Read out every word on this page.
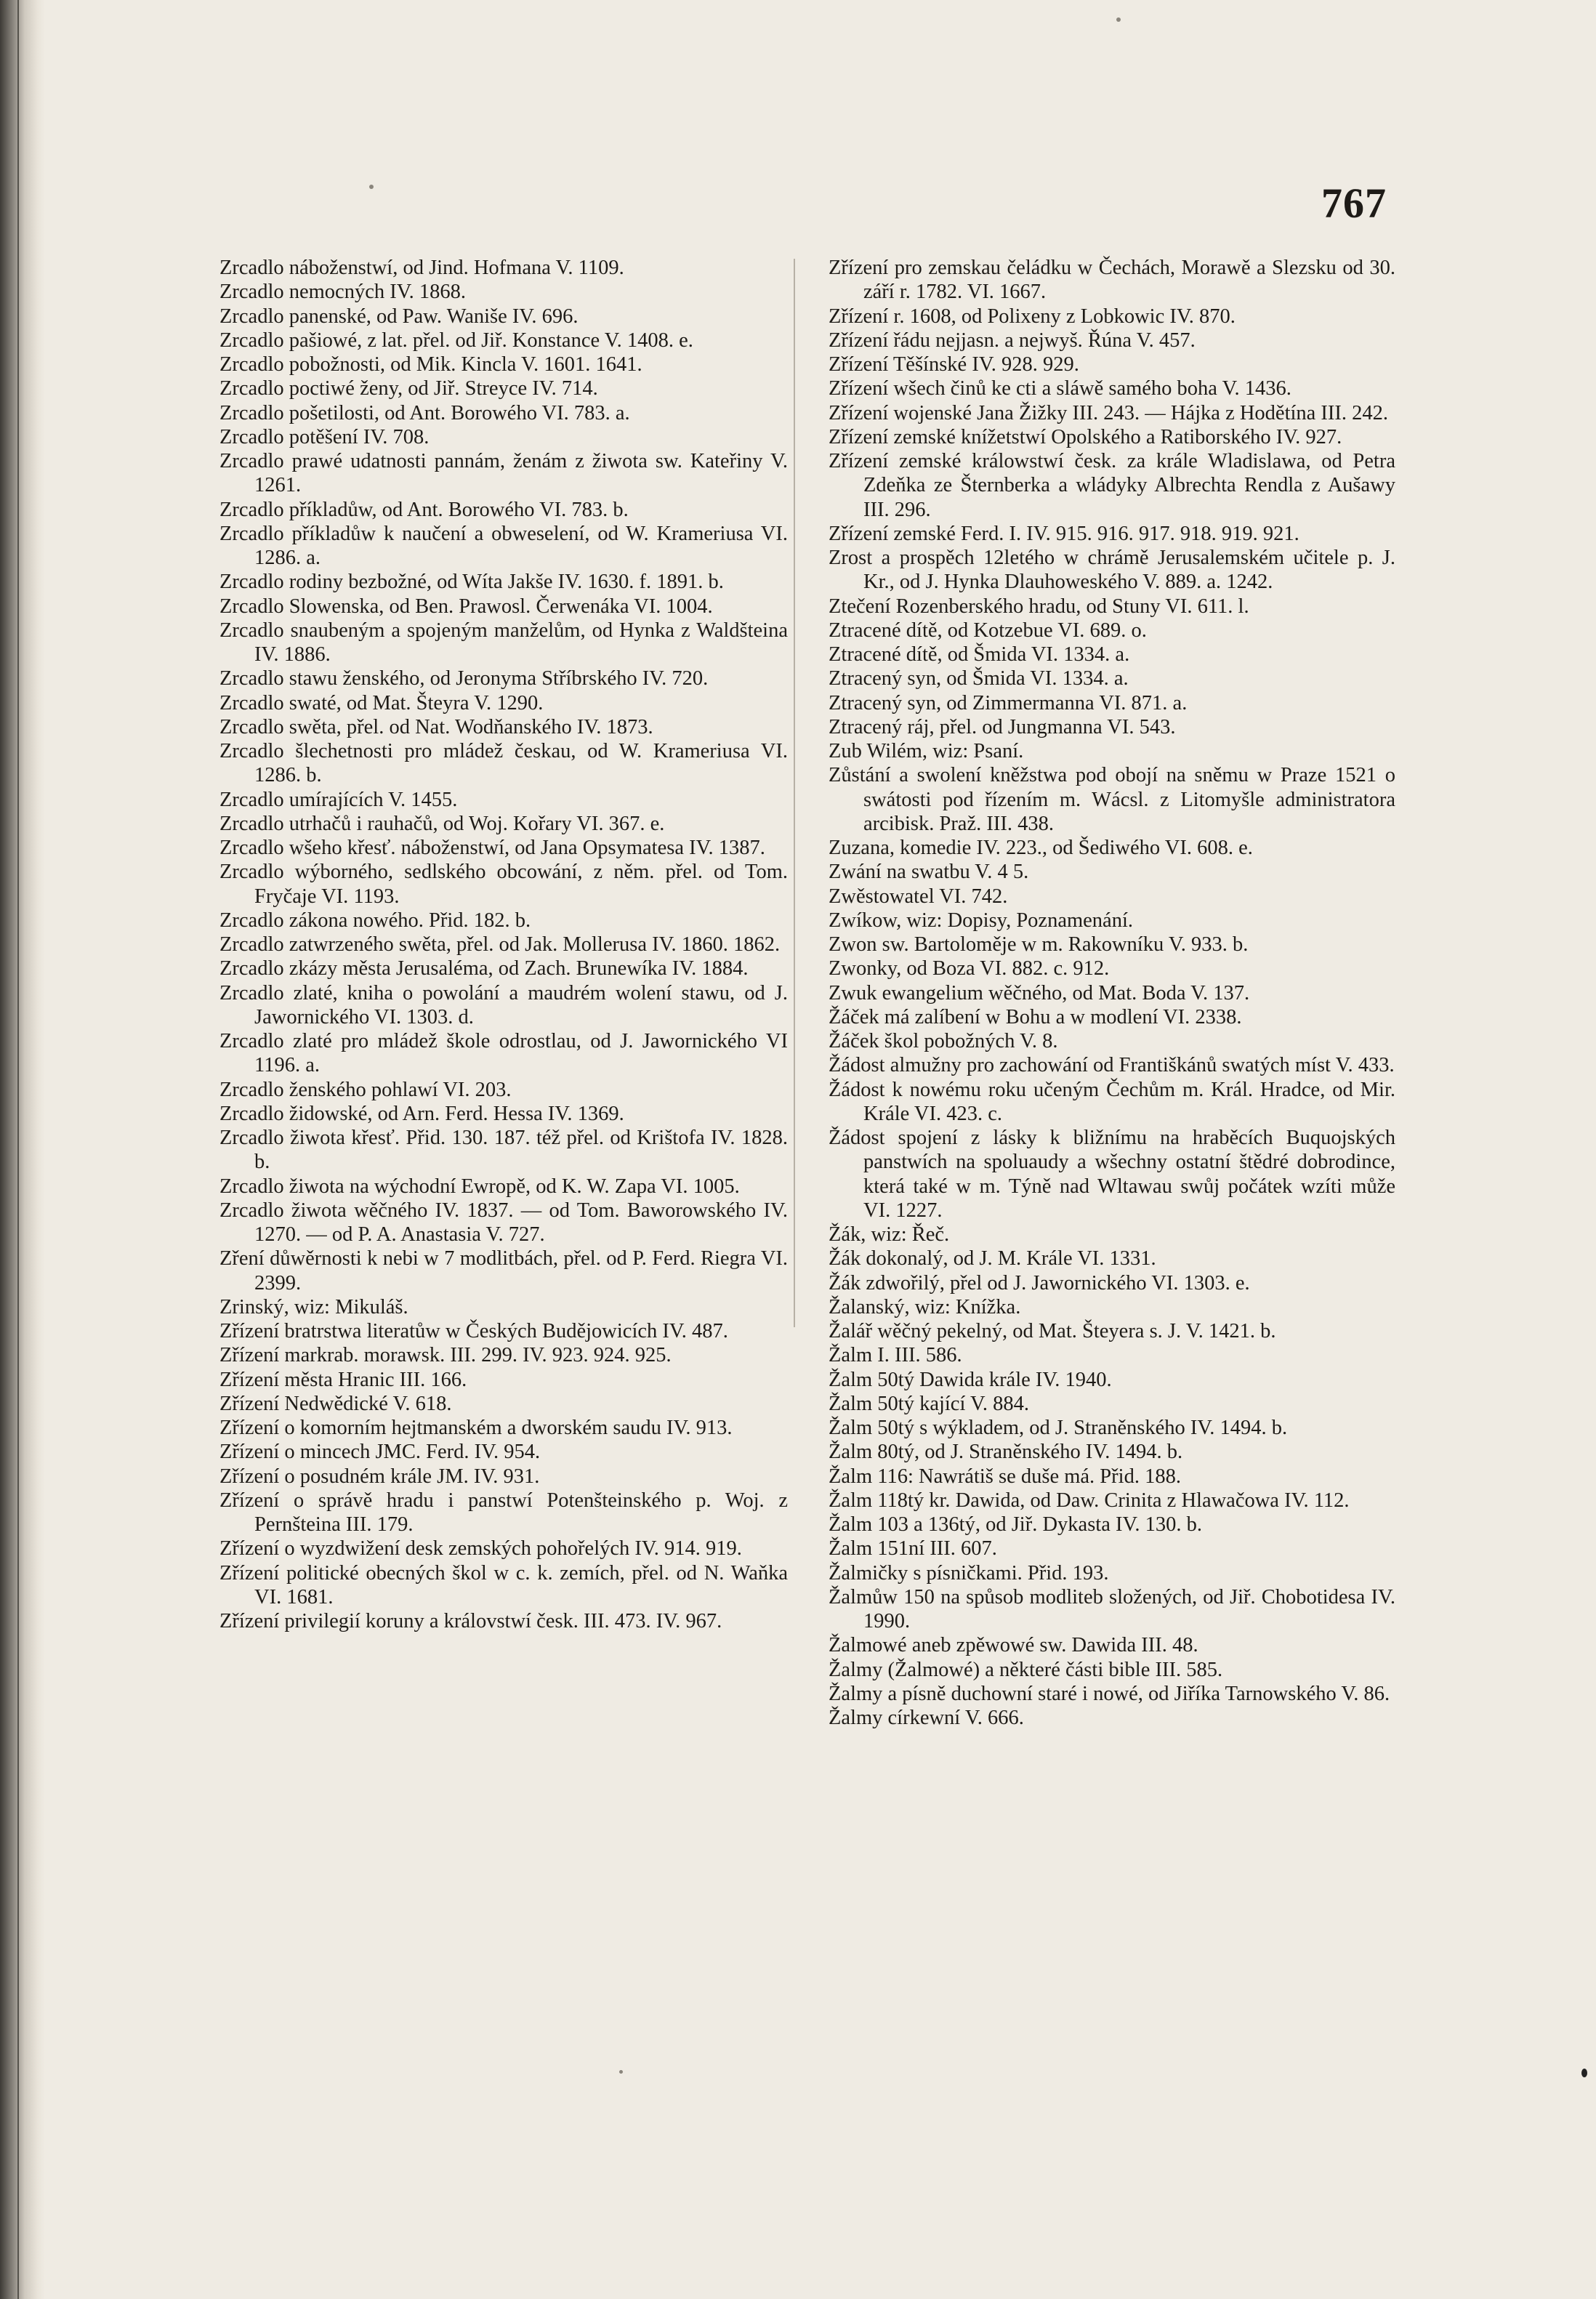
767

Zrcadlo náboženstwí, od Jind. Hofmana V. 1109.

Zrcadlo nemocných IV. 1868.

Zrcadlo panenské, od Paw. Waniše IV. 696.

Zrcadlo pašiowé, z lat. přel. od Jiř. Konstance V. 1408. e.

Zrcadlo pobožnosti, od Mik. Kincla V. 1601. 1641.

Zrcadlo poctiwé ženy, od Jiř. Streyce IV. 714.

Zrcadlo pošetilosti, od Ant. Borowého VI. 783. a.

Zrcadlo potěšení IV. 708.

Zrcadlo prawé udatnosti pannám, ženám z žiwota sw. Kateřiny V. 1261.

Zrcadlo příkladůw, od Ant. Borowého VI. 783. b.

Zrcadlo příkladůw k naučení a obweselení, od W. Krameriusa VI. 1286. a.

Zrcadlo rodiny bezbožné, od Wíta Jakše IV. 1630. f. 1891. b.

Zrcadlo Slowenska, od Ben. Prawosl. Čerwenáka VI. 1004.

Zrcadlo snaubeným a spojeným manželům, od Hynka z Waldšteina IV. 1886.

Zrcadlo stawu ženského, od Jeronyma Stříbrského IV. 720.

Zrcadlo swaté, od Mat. Šteyra V. 1290.

Zrcadlo swěta, přel. od Nat. Wodňanského IV. 1873.

Zrcadlo šlechetnosti pro mládež českau, od W. Krameriusa VI. 1286. b.

Zrcadlo umírajících V. 1455.

Zrcadlo utrhačů i rauhačů, od Woj. Kořary VI. 367. e.

Zrcadlo wšeho křesť. náboženstwí, od Jana Opsymatesa IV. 1387.

Zrcadlo wýborného, sedlského obcowání, z něm. přel. od Tom. Fryčaje VI. 1193.

Zrcadlo zákona nowého. Přid. 182. b.

Zrcadlo zatwrzeného swěta, přel. od Jak. Mollerusa IV. 1860. 1862.

Zrcadlo zkázy města Jerusaléma, od Zach. Brunewíka IV. 1884.

Zrcadlo zlaté, kniha o powolání a maudrém wolení stawu, od J. Jawornického VI. 1303. d.

Zrcadlo zlaté pro mládež škole odrostlau, od J. Jawornického VI 1196. a.

Zrcadlo ženského pohlawí VI. 203.

Zrcadlo židowské, od Arn. Ferd. Hessa IV. 1369.

Zrcadlo žiwota křesť. Přid. 130. 187. též přel. od Krištofa IV. 1828. b.

Zrcadlo žiwota na wýchodní Ewropě, od K. W. Zapa VI. 1005.

Zrcadlo žiwota wěčného IV. 1837. — od Tom. Baworowského IV. 1270. — od P. A. Anastasia V. 727.

Zření důwěrnosti k nebi w 7 modlitbách, přel. od P. Ferd. Riegra VI. 2399.

Zrinský, wiz: Mikuláš.

Zřízení bratrstwa literatůw w Českých Budějowicích IV. 487.

Zřízení markrab. morawsk. III. 299. IV. 923. 924. 925.

Zřízení města Hranic III. 166.

Zřízení Nedwědické V. 618.

Zřízení o komorním hejtmanském a dworském saudu IV. 913.

Zřízení o mincech JMC. Ferd. IV. 954.

Zřízení o posudném krále JM. IV. 931.

Zřízení o správě hradu i panstwí Potenšteinského p. Woj. z Pernšteina III. 179.

Zřízení o wyzdwižení desk zemských pohořelých IV. 914. 919.

Zřízení politické obecných škol w c. k. zemích, přel. od N. Waňka VI. 1681.

Zřízení privilegií koruny a královstwí česk. III. 473. IV. 967.

Zřízení pro zemskau čeládku w Čechách, Morawě a Slezsku od 30. září r. 1782. VI. 1667.

Zřízení r. 1608, od Polixeny z Lobkowic IV. 870.

Zřízení řádu nejjasn. a nejwyš. Řúna V. 457.

Zřízení Těšínské IV. 928. 929.

Zřízení wšech činů ke cti a sláwě samého boha V. 1436.

Zřízení wojenské Jana Žižky III. 243. — Hájka z Hodětína III. 242.

Zřízení zemské knížetstwí Opolského a Ratiborského IV. 927.

Zřízení zemské králowstwí česk. za krále Wladislawa, od Petra Zdeňka ze Šternberka a wládyky Albrechta Rendla z Aušawy III. 296.

Zřízení zemské Ferd. I. IV. 915. 916. 917. 918. 919. 921.

Zrost a prospěch 12letého w chrámě Jerusalemském učitele p. J. Kr., od J. Hynka Dlauhoweského V. 889. a. 1242.

Ztečení Rozenberského hradu, od Stuny VI. 611. l.

Ztracené dítě, od Kotzebue VI. 689. o.

Ztracené dítě, od Šmida VI. 1334. a.

Ztracený syn, od Šmida VI. 1334. a.

Ztracený syn, od Zimmermanna VI. 871. a.

Ztracený ráj, přel. od Jungmanna VI. 543.

Zub Wilém, wiz: Psaní.

Zůstání a swolení kněžstwa pod obojí na sněmu w Praze 1521 o swátosti pod řízením m. Wácsl. z Litomyšle administratora arcibisk. Praž. III. 438.

Zuzana, komedie IV. 223., od Šediwého VI. 608. e.

Zwání na swatbu V. 4 5.

Zwěstowatel VI. 742.

Zwíkow, wiz: Dopisy, Poznamenání.

Zwon sw. Bartoloměje w m. Rakowníku V. 933. b.

Zwonky, od Boza VI. 882. c. 912.

Zwuk ewangelium wěčného, od Mat. Boda V. 137.

Žáček má zalíbení w Bohu a w modlení VI. 2338.

Žáček škol pobožných V. 8.

Žádost almužny pro zachowání od Františkánů swatých míst V. 433.

Žádost k nowému roku učeným Čechům m. Král. Hradce, od Mir. Krále VI. 423. c.

Žádost spojení z lásky k bližnímu na hraběcích Buquojských panstwích na spoluaudy a wšechny ostatní štědré dobrodince, která také w m. Týně nad Wltawau swůj počátek wzíti může VI. 1227.

Žák, wiz: Řeč.

Žák dokonalý, od J. M. Krále VI. 1331.

Žák zdwořilý, přel od J. Jawornického VI. 1303. e.

Žalanský, wiz: Knížka.

Žalář wěčný pekelný, od Mat. Šteyera s. J. V. 1421. b.

Žalm I. III. 586.

Žalm 50tý Dawida krále IV. 1940.

Žalm 50tý kající V. 884.

Žalm 50tý s wýkladem, od J. Straněnského IV. 1494. b.

Žalm 80tý, od J. Straněnského IV. 1494. b.

Žalm 116: Nawrátiš se duše má. Přid. 188.

Žalm 118tý kr. Dawida, od Daw. Crinita z Hlawačowa IV. 112.

Žalm 103 a 136tý, od Jiř. Dykasta IV. 130. b.

Žalm 151ní III. 607.

Žalmičky s písničkami. Přid. 193.

Žalmůw 150 na spůsob modliteb složených, od Jiř. Chobotidesa IV. 1990.

Žalmowé aneb zpěwowé sw. Dawida III. 48.

Žalmy (Žalmowé) a některé části bible III. 585.

Žalmy a písně duchowní staré i nowé, od Jiříka Tarnowského V. 86.

Žalmy církewní V. 666.
